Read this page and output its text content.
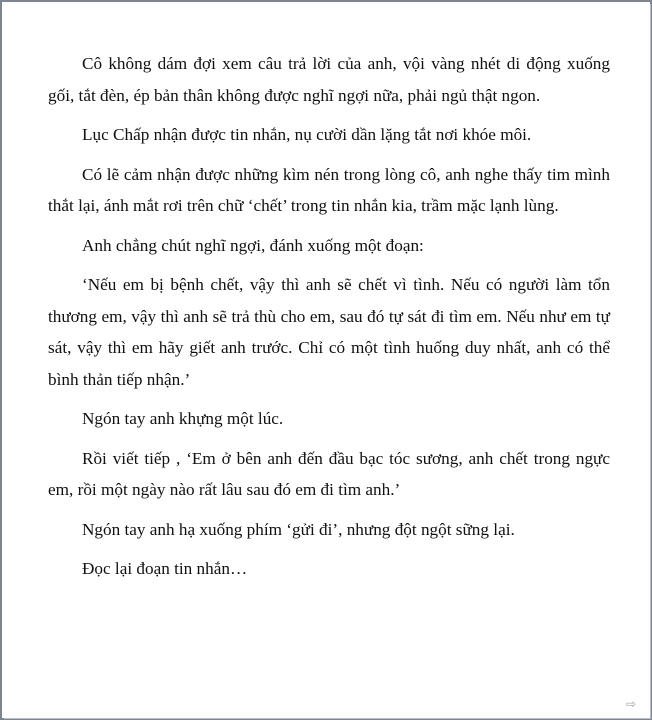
Cô không dám đợi xem câu trả lời của anh, vội vàng nhét di động xuống gối, tắt đèn, ép bản thân không được nghĩ ngợi nữa, phải ngủ thật ngon.

Lục Chấp nhận được tin nhắn, nụ cười dần lặng tắt nơi khóe môi.

Có lẽ cảm nhận được những kìm nén trong lòng cô, anh nghe thấy tim mình thắt lại, ánh mắt rơi trên chữ ‘chết’ trong tin nhắn kia, trầm mặc lạnh lùng.

Anh chẳng chút nghĩ ngợi, đánh xuống một đoạn:

‘Nếu em bị bệnh chết, vậy thì anh sẽ chết vì tình. Nếu có người làm tổn thương em, vậy thì anh sẽ trả thù cho em, sau đó tự sát đi tìm em. Nếu như em tự sát, vậy thì em hãy giết anh trước. Chỉ có một tình huống duy nhất, anh có thể bình thản tiếp nhận.’

Ngón tay anh khựng một lúc.

Rồi viết tiếp , ‘Em ở bên anh đến đầu bạc tóc sương, anh chết trong ngực em, rồi một ngày nào rất lâu sau đó em đi tìm anh.’

Ngón tay anh hạ xuống phím ‘gửi đi’, nhưng đột ngột sững lại.

Đọc lại đoạn tin nhắn…

⇨
